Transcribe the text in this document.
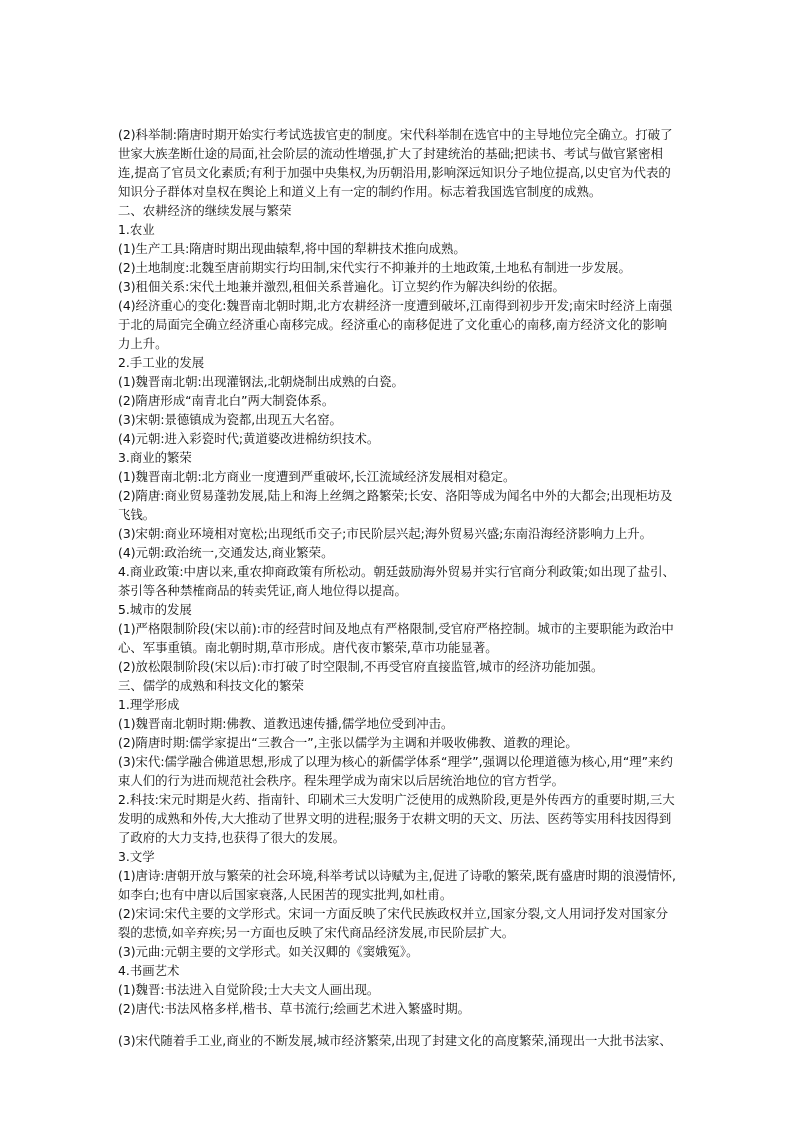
(2)科举制:隋唐时期开始实行考试选拔官吏的制度。宋代科举制在选官中的主导地位完全确立。打破了世家大族垄断仕途的局面,社会阶层的流动性增强,扩大了封建统治的基础;把读书、考试与做官紧密相连,提高了官员文化素质;有利于加强中央集权,为历朝沿用,影响深远知识分子地位提高,以史官为代表的知识分子群体对皇权在舆论上和道义上有一定的制约作用。标志着我国选官制度的成熟。

二、农耕经济的继续发展与繁荣

1.农业

(1)生产工具:隋唐时期出现曲辕犁,将中国的犁耕技术推向成熟。

(2)土地制度:北魏至唐前期实行均田制,宋代实行不抑兼并的土地政策,土地私有制进一步发展。

(3)租佃关系:宋代土地兼并激烈,租佃关系普遍化。订立契约作为解决纠纷的依据。

(4)经济重心的变化:魏晋南北朝时期,北方农耕经济一度遭到破坏,江南得到初步开发;南宋时经济上南强于北的局面完全确立经济重心南移完成。经济重心的南移促进了文化重心的南移,南方经济文化的影响力上升。

2.手工业的发展

(1)魏晋南北朝:出现灌钢法,北朝烧制出成熟的白瓷。

(2)隋唐形成“南青北白”两大制瓷体系。

(3)宋朝:景德镇成为瓷都,出现五大名窑。

(4)元朝:进入彩瓷时代;黄道婆改进棉纺织技术。

3.商业的繁荣

(1)魏晋南北朝:北方商业一度遭到严重破坏,长江流域经济发展相对稳定。

(2)隋唐:商业贸易蓬勃发展,陆上和海上丝绸之路繁荣;长安、洛阳等成为闻名中外的大都会;出现柜坊及飞钱。

(3)宋朝:商业环境相对宽松;出现纸币交子;市民阶层兴起;海外贸易兴盛;东南沿海经济影响力上升。

(4)元朝:政治统一,交通发达,商业繁荣。

4.商业政策:中唐以来,重农抑商政策有所松动。朝廷鼓励海外贸易并实行官商分利政策;如出现了盐引、茶引等各种禁榷商品的转卖凭证,商人地位得以提高。

5.城市的发展

(1)严格限制阶段(宋以前):市的经营时间及地点有严格限制,受官府严格控制。城市的主要职能为政治中心、军事重镇。南北朝时期,草市形成。唐代夜市繁荣,草市功能显著。

(2)放松限制阶段(宋以后):市打破了时空限制,不再受官府直接监管,城市的经济功能加强。

三、儒学的成熟和科技文化的繁荣

1.理学形成

(1)魏晋南北朝时期:佛教、道教迅速传播,儒学地位受到冲击。

(2)隋唐时期:儒学家提出“三教合一”,主张以儒学为主调和并吸收佛教、道教的理论。

(3)宋代:儒学融合佛道思想,形成了以理为核心的新儒学体系“理学”,强调以伦理道德为核心,用“理”来约束人们的行为进而规范社会秩序。程朱理学成为南宋以后居统治地位的官方哲学。

2.科技:宋元时期是火药、指南针、印刷术三大发明广泛使用的成熟阶段,更是外传西方的重要时期,三大发明的成熟和外传,大大推动了世界文明的进程;服务于农耕文明的天文、历法、医药等实用科技因得到了政府的大力支持,也获得了很大的发展。

3.文学

(1)唐诗:唐朝开放与繁荣的社会环境,科举考试以诗赋为主,促进了诗歌的繁荣,既有盛唐时期的浪漫情怀,如李白;也有中唐以后国家衰落,人民困苦的现实批判,如杜甫。

(2)宋词:宋代主要的文学形式。宋词一方面反映了宋代民族政权并立,国家分裂,文人用词抒发对国家分裂的悲愤,如辛弃疾;另一方面也反映了宋代商品经济发展,市民阶层扩大。

(3)元曲:元朝主要的文学形式。如关汉卿的《窦娥冤》。

4.书画艺术

(1)魏晋:书法进入自觉阶段;士大夫文人画出现。

(2)唐代:书法风格多样,楷书、草书流行;绘画艺术进入繁盛时期。

(3)宋代随着手工业,商业的不断发展,城市经济繁荣,出现了封建文化的高度繁荣,涌现出一大批书法家、
